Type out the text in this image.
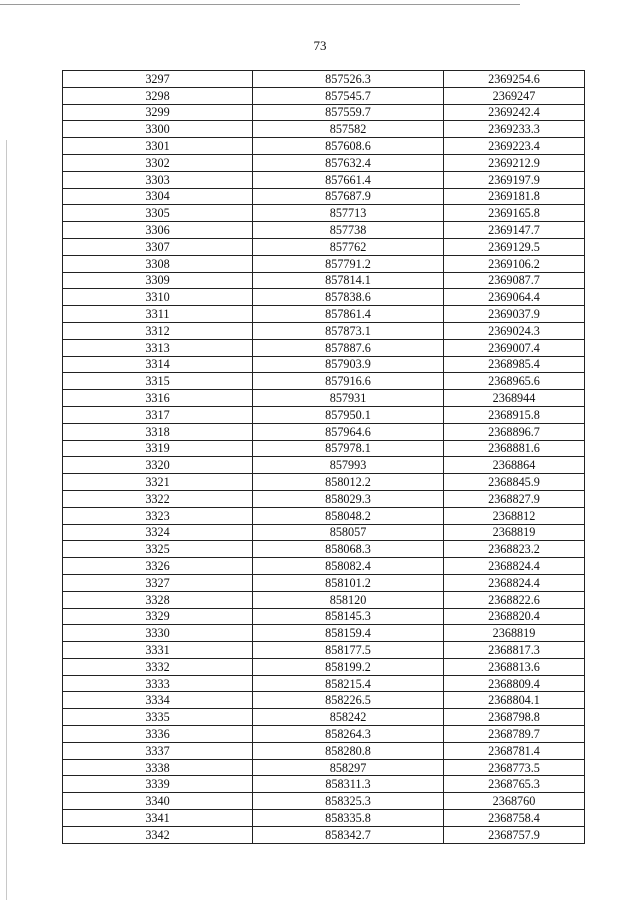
73
3297	857526.3	2369254.6
3298	857545.7	2369247
3299	857559.7	2369242.4
3300	857582	2369233.3
3301	857608.6	2369223.4
3302	857632.4	2369212.9
3303	857661.4	2369197.9
3304	857687.9	2369181.8
3305	857713	2369165.8
3306	857738	2369147.7
3307	857762	2369129.5
3308	857791.2	2369106.2
3309	857814.1	2369087.7
3310	857838.6	2369064.4
3311	857861.4	2369037.9
3312	857873.1	2369024.3
3313	857887.6	2369007.4
3314	857903.9	2368985.4
3315	857916.6	2368965.6
3316	857931	2368944
3317	857950.1	2368915.8
3318	857964.6	2368896.7
3319	857978.1	2368881.6
3320	857993	2368864
3321	858012.2	2368845.9
3322	858029.3	2368827.9
3323	858048.2	2368812
3324	858057	2368819
3325	858068.3	2368823.2
3326	858082.4	2368824.4
3327	858101.2	2368824.4
3328	858120	2368822.6
3329	858145.3	2368820.4
3330	858159.4	2368819
3331	858177.5	2368817.3
3332	858199.2	2368813.6
3333	858215.4	2368809.4
3334	858226.5	2368804.1
3335	858242	2368798.8
3336	858264.3	2368789.7
3337	858280.8	2368781.4
3338	858297	2368773.5
3339	858311.3	2368765.3
3340	858325.3	2368760
3341	858335.8	2368758.4
3342	858342.7	2368757.9
